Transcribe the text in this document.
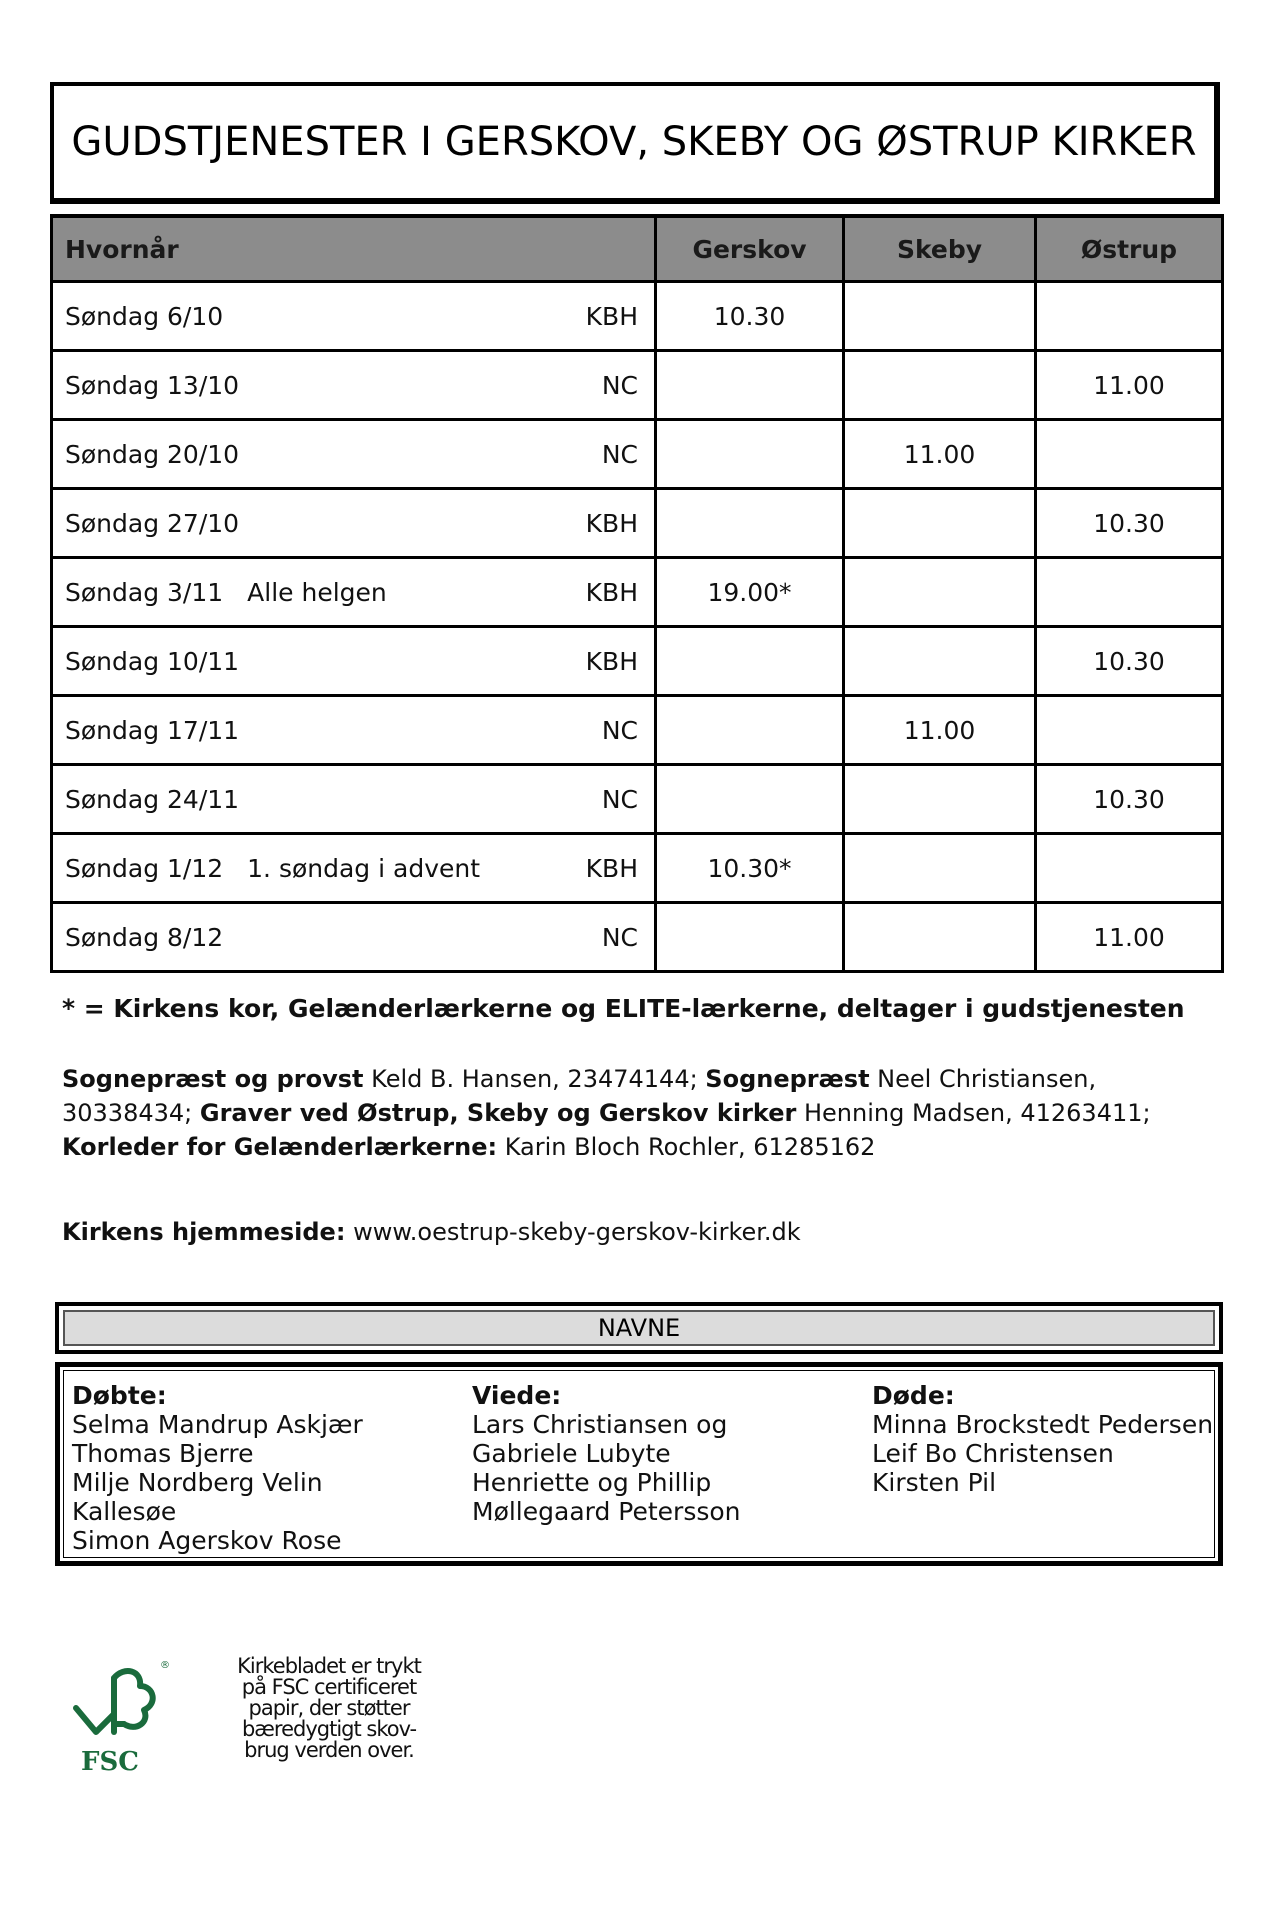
GUDSTJENESTER I GERSKOV, SKEBY OG ØSTRUP KIRKER
Hvornår	Gerskov	Skeby	Østrup

Søndag 6/10 KBH	10.30		

Søndag 13/10 NC			11.00

Søndag 20/10 NC		11.00	

Søndag 27/10 KBH			10.30

Søndag 3/11 Alle helgen KBH	19.00*		

Søndag 10/11 KBH			10.30

Søndag 17/11 NC		11.00	

Søndag 24/11 NC			10.30

Søndag 1/12 1. søndag i advent KBH	10.30*		

Søndag 8/12 NC			11.00

* = Kirkens kor, Gelænderlærkerne og ELITE-lærkerne, deltager i gudstjenesten

Sognepræst og provst Keld B. Hansen, 23474144; Sognepræst Neel Christiansen, 30338434; Graver ved Østrup, Skeby og Gerskov kirker Henning Madsen, 41263411;
Korleder for Gelænderlærkerne: Karin Bloch Rochler, 61285162

Kirkens hjemmeside: www.oestrup-skeby-gerskov-kirker.dk

NAVNE
Døbte:
Selma Mandrup Askjær
Thomas Bjerre
Milje Nordberg Velin
Kallesøe
Simon Agerskov Rose
Viede:
Lars Christiansen og
Gabriele Lubyte
Henriette og Phillip
Møllegaard Petersson
Døde:
Minna Brockstedt Pedersen
Leif Bo Christensen
Kirsten Pil
®
FSC

Kirkebladet er trykt
på FSC certificeret
papir, der støtter
bæredygtigt skov-
brug verden over.
